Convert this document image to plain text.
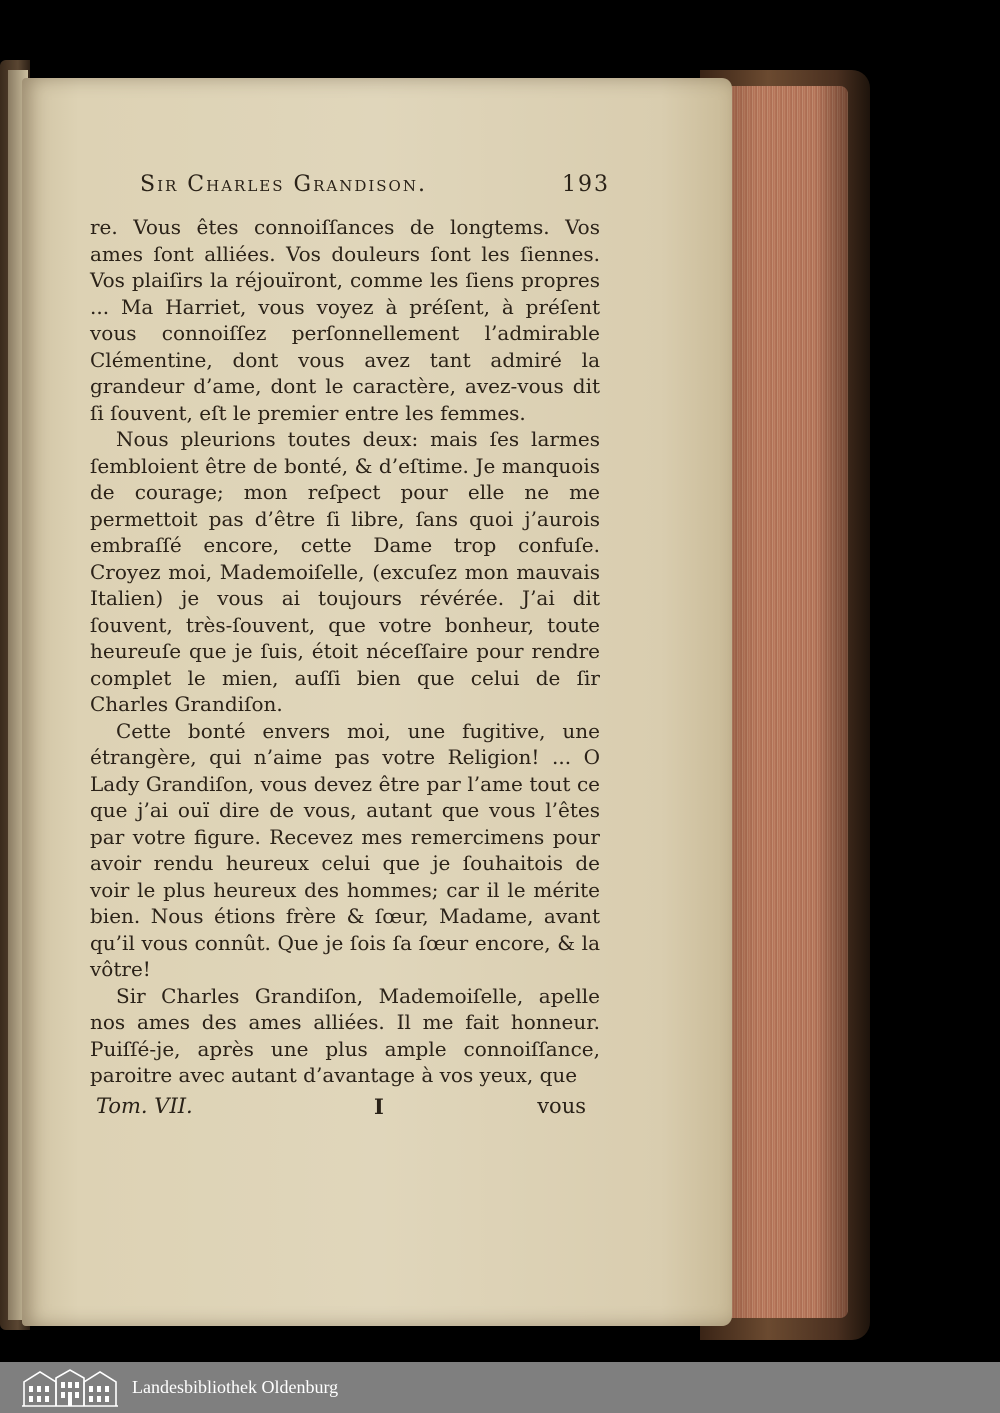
Sir Charles Grandison.	193

re. Vous êtes connoiſſances de longtems. Vos ames ſont alliées. Vos douleurs ſont les ſiennes. Vos plaiſirs la réjouïront, comme les ſiens propres ... Ma Harriet, vous voyez à préſent, à préſent vous connoiſſez perſonnellement l’admirable Clémentine, dont vous avez tant admiré la grandeur d’ame, dont le caractère, avez-vous dit ſi ſouvent, eſt le premier entre les femmes.

Nous pleurions toutes deux: mais ſes larmes ſembloient être de bonté, & d’eſtime. Je manquois de courage; mon reſpect pour elle ne me permettoit pas d’être ſi libre, ſans quoi j’aurois embraſſé encore, cette Dame trop confuſe. Croyez moi, Mademoiſelle, (excuſez mon mauvais Italien) je vous ai toujours révérée. J’ai dit ſouvent, très-ſouvent, que votre bonheur, toute heureuſe que je ſuis, étoit néceſſaire pour rendre complet le mien, auſſi bien que celui de ſir Charles Grandiſon.

Cette bonté envers moi, une fugitive, une étrangère, qui n’aime pas votre Religion! ... O Lady Grandiſon, vous devez être par l’ame tout ce que j’ai ouï dire de vous, autant que vous l’êtes par votre figure. Recevez mes remercimens pour avoir rendu heureux celui que je ſouhaitois de voir le plus heureux des hommes; car il le mérite bien. Nous étions frère & ſœur, Madame, avant qu’il vous connût. Que je ſois ſa ſœur encore, & la vôtre!

Sir Charles Grandiſon, Mademoiſelle, apelle nos ames des ames alliées. Il me fait honneur. Puiſſé-je, après une plus ample connoiſſance, paroitre avec autant d’avantage à vos yeux, que

Tom. VII.	I	vous
Landesbibliothek Oldenburg
